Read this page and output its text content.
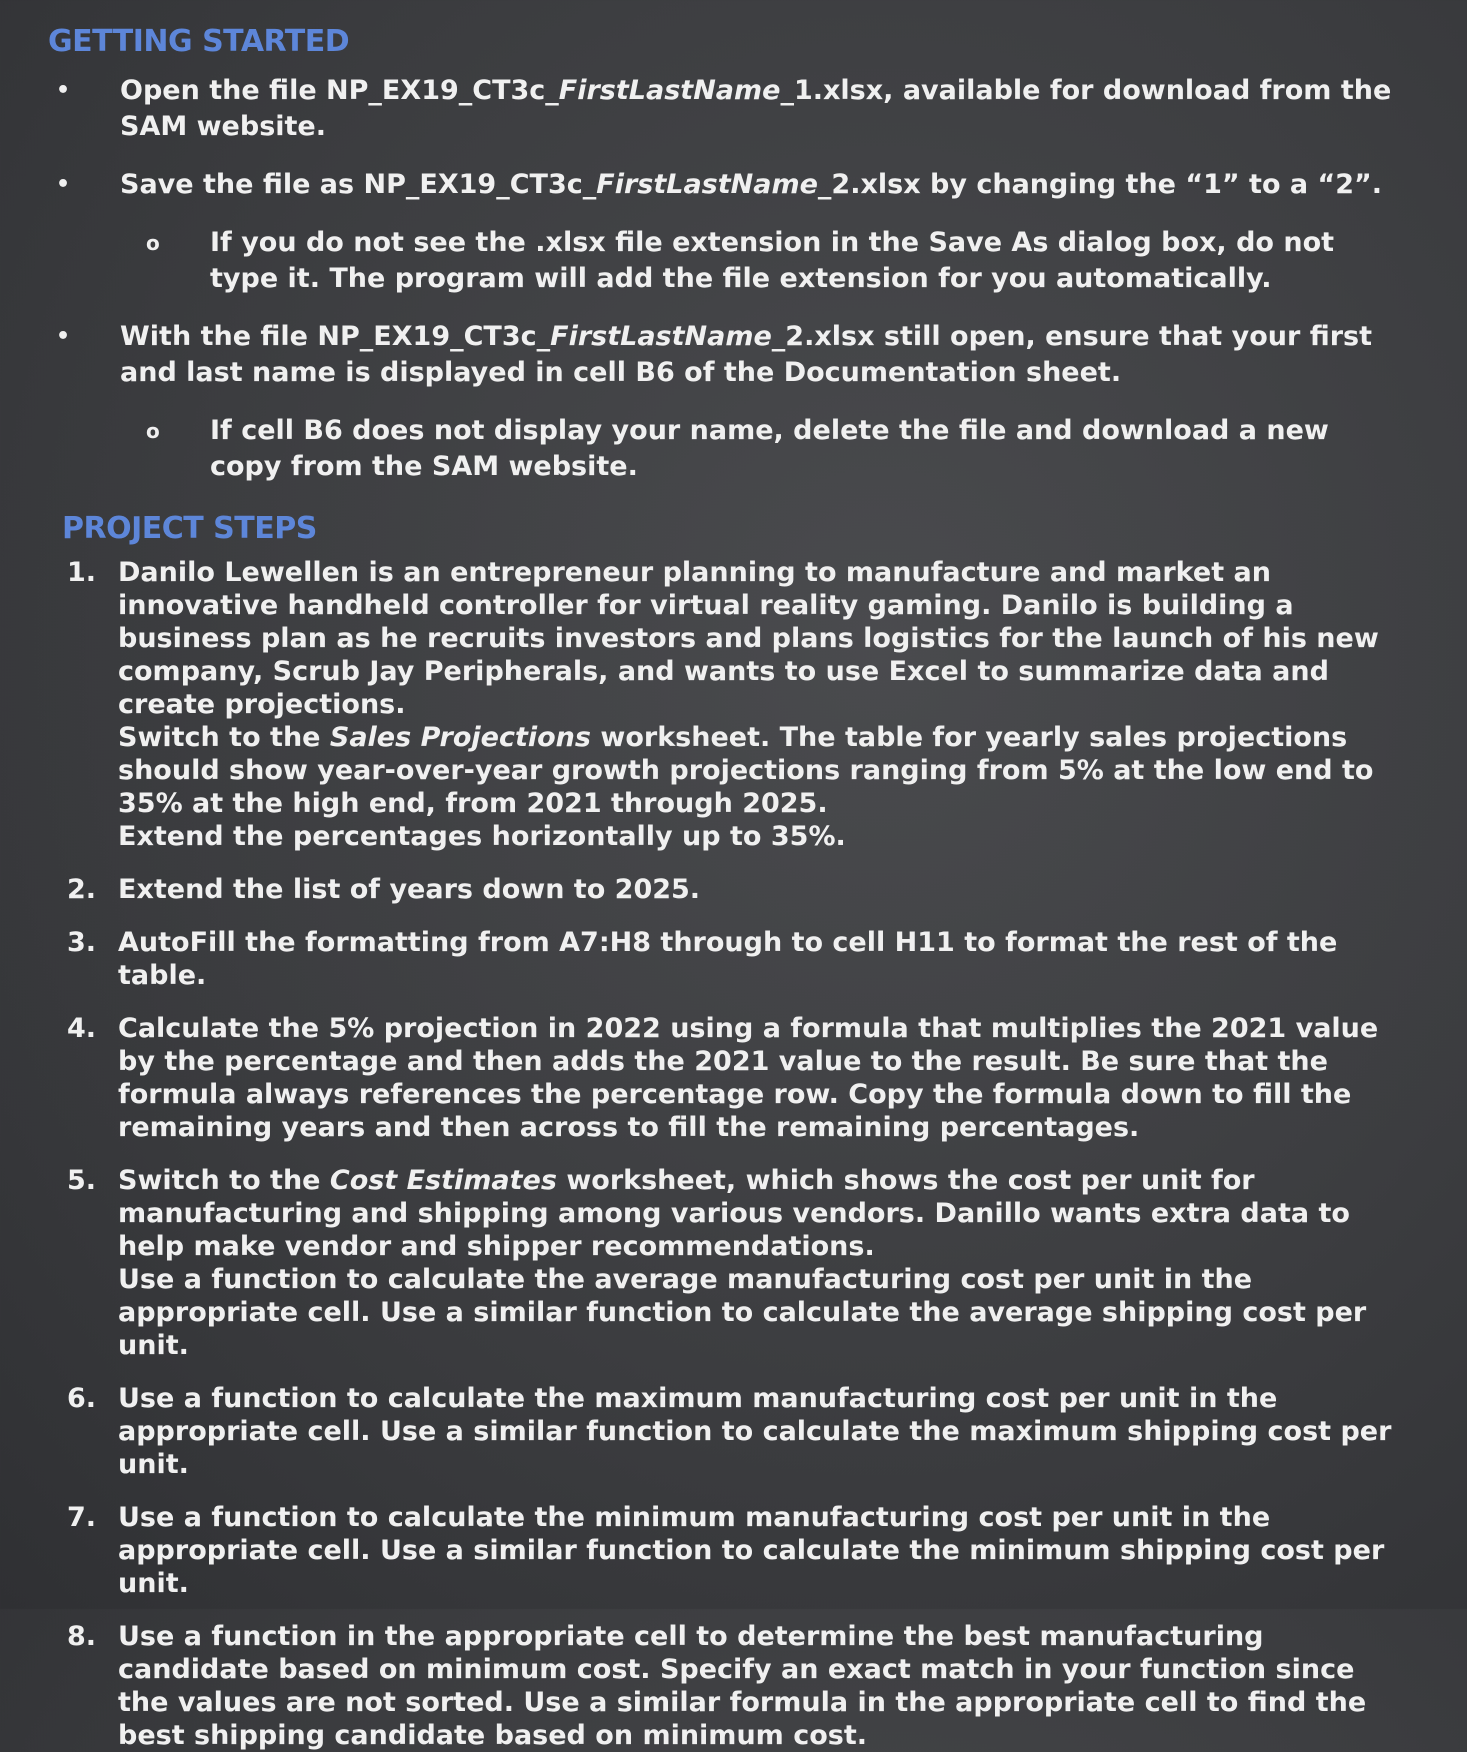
GETTING STARTED
•	Open the file NP_EX19_CT3c_FirstLastName_1.xlsx, available for download from the SAM website.
•	Save the file as NP_EX19_CT3c_FirstLastName_2.xlsx by changing the “1” to a “2”.
o	If you do not see the .xlsx file extension in the Save As dialog box, do not type it. The program will add the file extension for you automatically.
•	With the file NP_EX19_CT3c_FirstLastName_2.xlsx still open, ensure that your first and last name is displayed in cell B6 of the Documentation sheet.
o	If cell B6 does not display your name, delete the file and download a new copy from the SAM website.
PROJECT STEPS
1. Danilo Lewellen is an entrepreneur planning to manufacture and market an innovative handheld controller for virtual reality gaming. Danilo is building a business plan as he recruits investors and plans logistics for the launch of his new company, Scrub Jay Peripherals, and wants to use Excel to summarize data and create projections.

Switch to the Sales Projections worksheet. The table for yearly sales projections should show year-over-year growth projections ranging from 5% at the low end to 35% at the high end, from 2021 through 2025.

Extend the percentages horizontally up to 35%.

2. Extend the list of years down to 2025.
3. AutoFill the formatting from A7:H8 through to cell H11 to format the rest of the table.
4. Calculate the 5% projection in 2022 using a formula that multiplies the 2021 value by the percentage and then adds the 2021 value to the result. Be sure that the formula always references the percentage row. Copy the formula down to fill the remaining years and then across to fill the remaining percentages.
5. Switch to the Cost Estimates worksheet, which shows the cost per unit for manufacturing and shipping among various vendors. Danillo wants extra data to help make vendor and shipper recommendations.

Use a function to calculate the average manufacturing cost per unit in the appropriate cell. Use a similar function to calculate the average shipping cost per unit.

6. Use a function to calculate the maximum manufacturing cost per unit in the appropriate cell. Use a similar function to calculate the maximum shipping cost per unit.
7. Use a function to calculate the minimum manufacturing cost per unit in the appropriate cell. Use a similar function to calculate the minimum shipping cost per unit.
8. Use a function in the appropriate cell to determine the best manufacturing candidate based on minimum cost. Specify an exact match in your function since the values are not sorted. Use a similar formula in the appropriate cell to find the best shipping candidate based on minimum cost.
